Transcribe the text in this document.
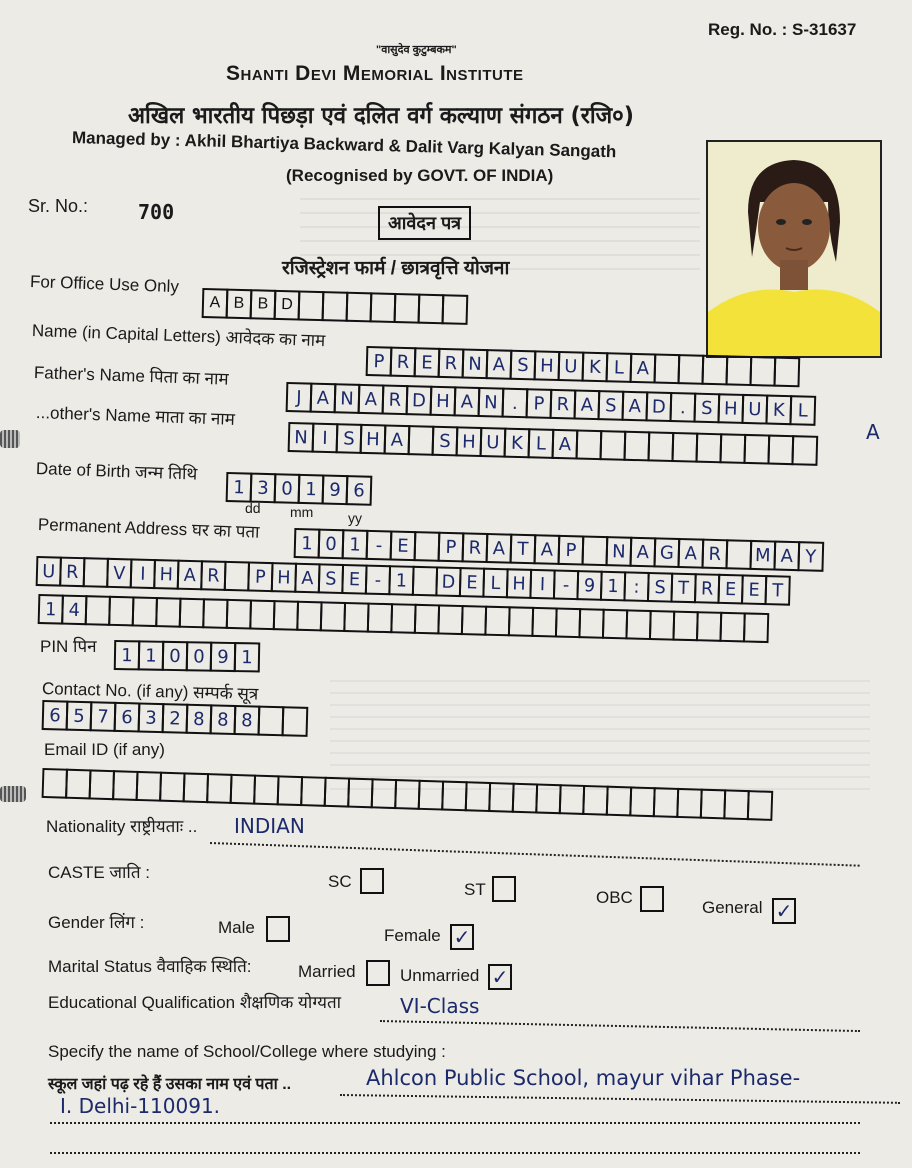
Reg. No. : S-31637
"वासुदेव कुटुम्बकम"
Shanti Devi Memorial Institute
अखिल भारतीय पिछड़ा एवं दलित वर्ग कल्याण संगठन (रजि०)
Managed by : Akhil Bhartiya Backward & Dalit Varg Kalyan Sangath
(Recognised by GOVT. OF INDIA)
Sr. No.: 700	आवेदन पत्र
रजिस्ट्रेशन फार्म / छात्रवृत्ति योजना
For Office Use Only
A B B D
Name (in Capital Letters) आवेदक का नाम
P R E R N A S H U K L A
Father's Name पिता का नाम
J A N A R D H A N . P R A S A D . S H U K L
A
...other's Name माता का नाम
N I S H A	S H U K L A
Date of Birth जन्म तिथि
1 3 0 1 9 6
dd mm yy
Permanent Address घर का पता
1 0 1 - E	P R A T A P	N A G A R	M A Y
U R	V I H A R	P H A S E - 1	D E L H I - 9 1 : S T R E E T
1 4
PIN पिन	1 1 0 0 9 1
Contact No. (if any) सम्पर्क सूत्र
6 5 7 6 3 2 8 8 8
Email ID (if any)
Nationality राष्ट्रीयताः .. INDIAN
CASTE जाति :	SC	ST	OBC
General ✓
Gender लिंग :	Male	Female ✓
Marital Status वैवाहिक स्थिति:	Married	Unmarried ✓
Educational Qualification शैक्षणिक योग्यता	VI-Class
Specify the name of School/College where studying :
स्कूल जहां पढ़ रहे हैं उसका नाम एवं पता ..	Ahlcon Public School, mayur vihar Phase-
I. Delhi-110091.
